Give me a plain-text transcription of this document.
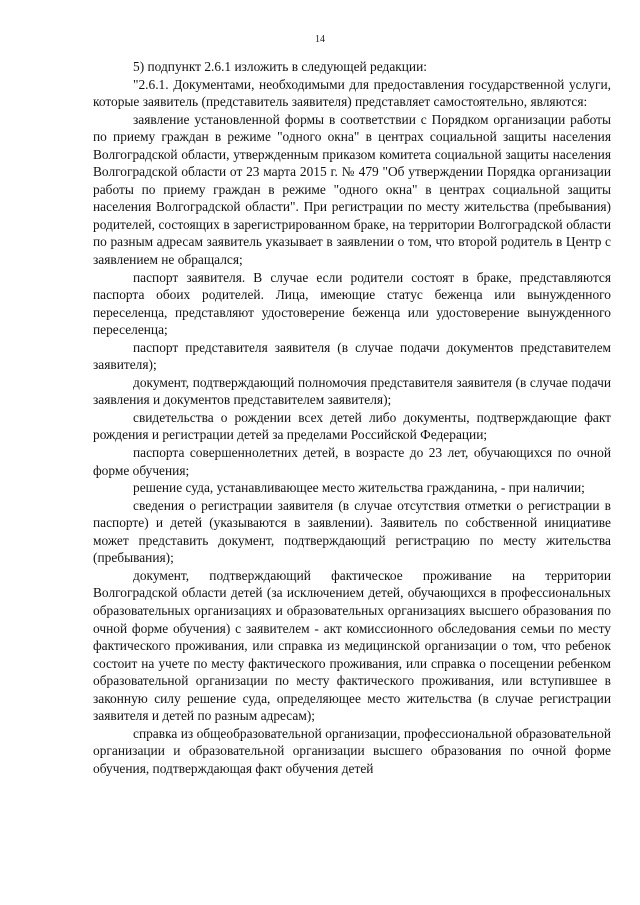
14

5) подпункт 2.6.1 изложить в следующей редакции:

"2.6.1. Документами, необходимыми для предоставления государственной услуги, которые заявитель (представитель заявителя) представляет самостоятельно, являются:

заявление установленной формы в соответствии с Порядком организации работы по приему граждан в режиме "одного окна" в центрах социальной защиты населения Волгоградской области, утвержденным приказом комитета социальной защиты населения Волгоградской области от 23 марта 2015 г. № 479 "Об утверждении Порядка организации работы по приему граждан в режиме "одного окна" в центрах социальной защиты населения Волгоградской области". При регистрации по месту жительства (пребывания) родителей, состоящих в зарегистрированном браке, на территории Волгоградской области по разным адресам заявитель указывает в заявлении о том, что второй родитель в Центр с заявлением не обращался;

паспорт заявителя. В случае если родители состоят в браке, представляются паспорта обоих родителей. Лица, имеющие статус беженца или вынужденного переселенца, представляют удостоверение беженца или удостоверение вынужденного переселенца;

паспорт представителя заявителя (в случае подачи документов представителем заявителя);

документ, подтверждающий полномочия представителя заявителя (в случае подачи заявления и документов представителем заявителя);

свидетельства о рождении всех детей либо документы, подтверждающие факт рождения и регистрации детей за пределами Российской Федерации;

паспорта совершеннолетних детей, в возрасте до 23 лет, обучающихся по очной форме обучения;

решение суда, устанавливающее место жительства гражданина, - при наличии;

сведения о регистрации заявителя (в случае отсутствия отметки о регистрации в паспорте) и детей (указываются в заявлении). Заявитель по собственной инициативе может представить документ, подтверждающий регистрацию по месту жительства (пребывания);

документ, подтверждающий фактическое проживание на территории Волгоградской области детей (за исключением детей, обучающихся в профессиональных образовательных организациях и образовательных организациях высшего образования по очной форме обучения) с заявителем - акт комиссионного обследования семьи по месту фактического проживания, или справка из медицинской организации о том, что ребенок состоит на учете по месту фактического проживания, или справка о посещении ребенком образовательной организации по месту фактического проживания, или вступившее в законную силу решение суда, определяющее место жительства (в случае регистрации заявителя и детей по разным адресам);

справка из общеобразовательной организации, профессиональной образовательной организации и образовательной организации высшего образования по очной форме обучения, подтверждающая факт обучения детей
